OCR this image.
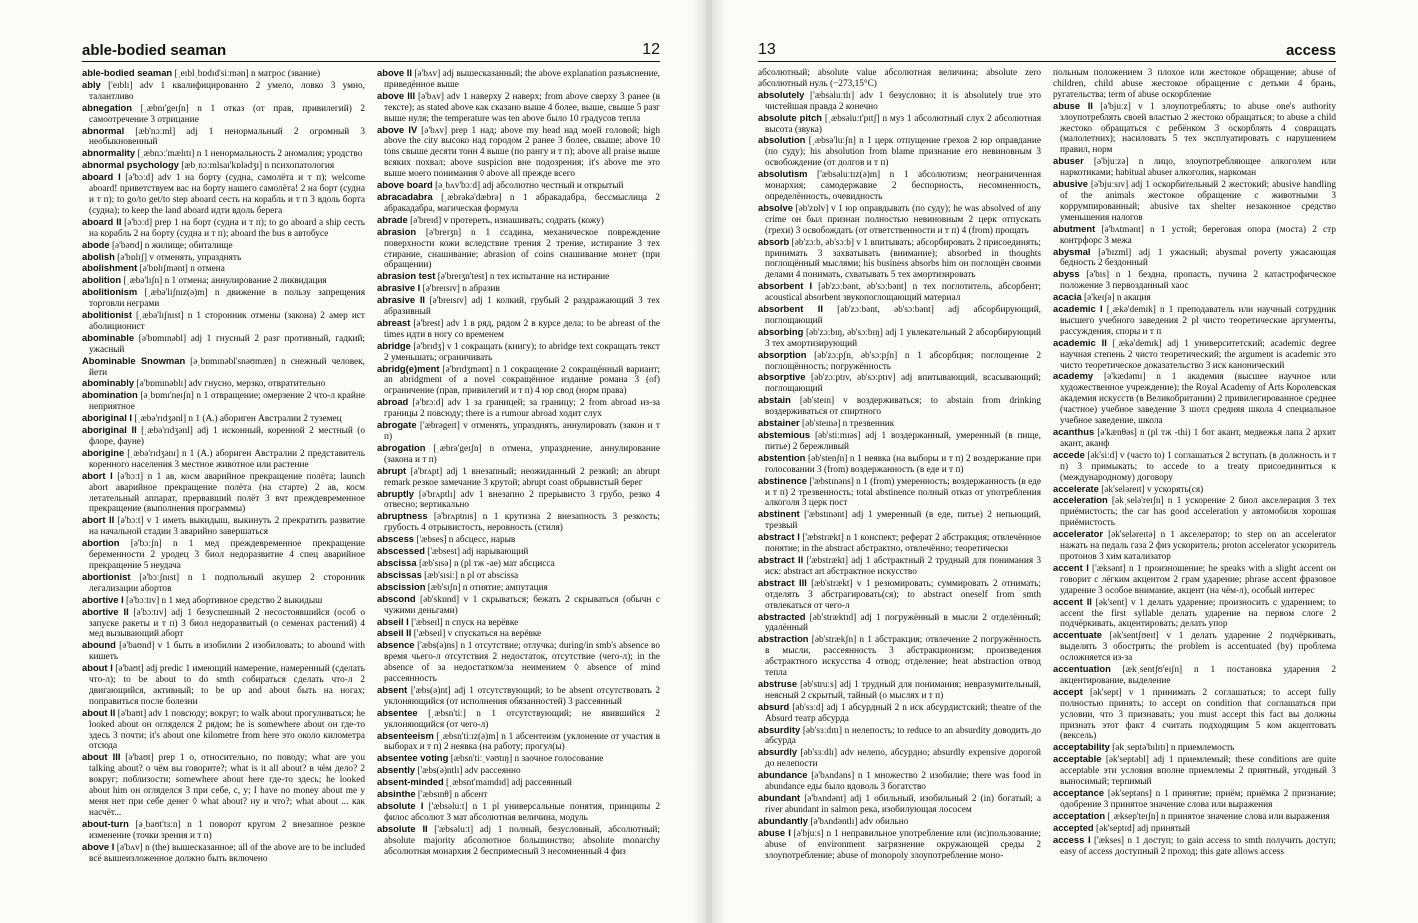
able-bodied seaman	12

able-bodied seaman [ˌeɪblˌbɒdɪd'siːmən] n матрос (звание)

ably ['eɪblɪ] adv 1 квалифицированно 2 умело, ловко 3 умно, талантливо

abnegation [ˌæbnɪ'geɪʃn] n 1 отказ (от прав, привилегий) 2 самоотречение 3 отрицание

abnormal [æb'nɔːml] adj 1 ненормальный 2 огромный 3 необыкновенный

abnormality [ˌæbnɔː'mælɪtɪ] n 1 ненормальность 2 аномалия; уродство

abnormal psychology [æbˌnɔːmlsaɪ'kɒlədʒɪ] n психопатология

aboard I [ə'bɔːd] adv 1 на борту (судна, самолёта и т п); welcome aboard! приветствуем вас на борту нашего самолёта! 2 на борт (судна и т п); to go/to get/to step aboard сесть на корабль и т п 3 вдоль борта (судна); to keep the land aboard идти вдоль берега

aboard II [ə'bɔːd] prep 1 на борт (судна и т п); to go aboard a ship сесть на корабль 2 на борту (судна и т п); aboard the bus в автобусе

abode [ə'bəʊd] n жилище; обиталище

abolish [ə'bɒlɪʃ] v отменять, упразднять

abolishment [ə'bɒlɪʃmənt] n отмена

abolition [ˌæbə'lɪʃn] n 1 отмена; аннулирование 2 ликвидация

abolitionism [ˌæbə'lɪʃnɪz(ə)m] n движение в пользу запрещения торговли неграми

abolitionist [ˌæbə'lɪʃnɪst] n 1 сторонник отмены (закона) 2 амер ист аболиционист

abominable [ə'bɒmɪnəbl] adj 1 гнусный 2 разг противный, гадкий; ужасный

Abominable Snowman [əˌbɒmɪnəbl'snəʊmæn] n снежный человек, йети

abominably [ə'bɒmɪnəblɪ] adv гнусно, мерзко, отвратительно

abomination [əˌbɒmɪ'neɪʃn] n 1 отвращение; омерзение 2 что-л крайне неприятное

aboriginal I [ˌæbə'rɪdʒənl] n 1 (A.) абориген Австралии 2 туземец

aboriginal II [ˌæbə'rɪdʒənl] adj 1 исконный, коренной 2 местный (о флоре, фауне)

aborigine [ˌæbə'rɪdʒənɪ] n 1 (A.) абориген Австралии 2 представитель коренного населения 3 местное животное или растение

abort I [ə'bɔːt] n 1 ав, косм аварийное прекращение полёта; launch abort аварийное прекращение полёта (на старте) 2 ав, косм летательный аппарат, прервавший полёт 3 вчт преждевременное прекращение (выполнения программы)

abort II [ə'bɔːt] v 1 иметь выкидыш, выкинуть 2 прекратить развитие на начальной стадии 3 аварийно завершаться

abortion [ə'bɔːʃn] n 1 мед преждевременное прекращение беременности 2 уродец 3 биол недоразвитие 4 спец аварийное прекращение 5 неудача

abortionist [ə'bɔːʃnɪst] n 1 подпольный акушер 2 сторонник легализации абортов

abortive I [ə'bɔːtɪv] n 1 мед абортивное средство 2 выкидыш

abortive II [ə'bɔːtɪv] adj 1 безуспешный 2 несостоявшийся (особ о запуске ракеты и т п) 3 биол недоразвитый (о семенах растений) 4 мед вызывающий аборт

abound [ə'baʊnd] v 1 быть в изобилии 2 изобиловать; to abound with кишеть

about I [ə'baʊt] adj predic 1 имеющий намерение, намеренный (сделать что-л); to be about to do smth собираться сделать что-л 2 двигающийся, активный; to be up and about быть на ногах; поправиться после болезни

about II [ə'baʊt] adv 1 повсюду; вокруг; to walk about прогуливаться; he looked about он огляделся 2 рядом; he is somewhere about он где-то здесь 3 почти; it's about one kilometre from here это около километра отсюда

about III [ə'baʊt] prep 1 о, относительно, по поводу; what are you talking about? о чём вы говорите?; what is it all about? в чём дело? 2 вокруг; поблизости; somewhere about here где-то здесь; he looked about him он огляделся 3 при себе, с, у; I have no money about me у меня нет при себе денег ◊ what about? ну и что?; what about ... как насчёт...

about-turn [əˌbaʊt'tɜːn] n 1 поворот кругом 2 внезапное резкое изменение (точки зрения и т п)

above I [ə'bʌv] n (the) вышесказанное; all of the above are to be included всё вышеизложенное должно быть включено

above II [ə'bʌv] adj вышесказанный; the above explanation разъяснение, приведённое выше

above III [ə'bʌv] adv 1 наверху 2 наверх; from above сверху 3 ранее (в тексте); as stated above как сказано выше 4 более, выше, свыше 5 разг выше нуля; the temperature was ten above было 10 градусов тепла

above IV [ə'bʌv] prep 1 над; above my head над моей головой; high above the city высоко над городом 2 ранее 3 более, свыше; above 10 tons свыше десяти тонн 4 выше (по рангу и т п); above all praise выше всяких похвал; above suspicion вне подозрения; it's above me это выше моего понимания ◊ above all прежде всего

above board [əˌbʌv'bɔːd] adj абсолютно честный и открытый

abracadabra [ˌæbrəkə'dæbrə] n 1 абракадабра, бессмыслица 2 абракадабра, магическая формула

abrade [ə'breɪd] v протереть, изнашивать; содрать (кожу)

abrasion [ə'breɪʒn] n 1 ссадина, механическое повреждение поверхности кожи вследствие трения 2 трение, истирание 3 тех стирание, снашивание; abrasion of coins снашивание монет (при обращении)

abrasion test [ə'breɪʒn'test] n тех испытание на истирание

abrasive I [ə'breɪsɪv] n абразив

abrasive II [ə'breɪsɪv] adj 1 колкий, грубый 2 раздражающий 3 тех абразивный

abreast [ə'brest] adv 1 в ряд, рядом 2 в курсе дела; to be abreast of the times идти в ногу со временем

abridge [ə'brɪdʒ] v 1 сокращать (книгу); to abridge text сокращать текст 2 уменьшать; ограничивать

abridg(e)ment [ə'brɪdʒmənt] n 1 сокращение 2 сокращённый вариант; an abridgment of a novel сокращённое издание романа 3 (of) ограничение (прав, привилегий и т п) 4 юр свод (норм права)

abroad [ə'brɔːd] adv 1 за границей; за границу; 2 from abroad из-за границы 2 повсюду; there is a rumour abroad ходит слух

abrogate ['æbrəgeɪt] v отменять, упразднять, аннулировать (закон и т п)

abrogation [ˌæbrə'geɪʃn] n отмена, упразднение, аннулирование (закона и т п)

abrupt [ə'brʌpt] adj 1 внезапный; неожиданный 2 резкий; an abrupt remark резкое замечание 3 крутой; abrupt coast обрывистый берег

abruptly [ə'brʌptlɪ] adv 1 внезапно 2 прерывисто 3 грубо, резко 4 отвесно; вертикально

abruptness [ə'brʌptnɪs] n 1 крутизна 2 внезапность 3 резкость; грубость 4 отрывистость, неровность (стиля)

abscess ['æbses] n абсцесс, нарыв

abscessed ['æbsest] adj нарывающий

abscissa [æb'sɪsə] n (pl тж -ae) мат абсцисса

abscissas [æb'sɪsiː] n pl от abscissa

abscission [æb'sɪʃn] n отнятие; ампутация

abscond [əb'skɒnd] v 1 скрываться; бежать 2 скрываться (обычн с чужими деньгами)

abseil I ['æbseɪl] n спуск на верёвке

abseil II ['æbseɪl] v спускаться на верёвке

absence ['æbs(ə)ns] n 1 отсутствие; отлучка; during/in smb's absence во время чьего-л отсутствия 2 недостаток, отсутствие (чего-л); in the absence of за недостатком/за неимением ◊ absence of mind рассеянность

absent ['æbs(ə)nt] adj 1 отсутствующий; to be absent отсутствовать 2 уклоняющийся (от исполнения обязанностей) 3 рассеянный

absentee [ˌæbsn'tiː] n 1 отсутствующий; не явившийся 2 уклоняющийся (от чего-л)

absenteeism [ˌæbsn'tiːɪz(ə)m] n 1 абсентеизм (уклонение от участия в выборах и т п) 2 неявка (на работу; прогул(ы)

absentee voting [æbsn'tiːˌvəʊtɪŋ] n заочное голосование

absently ['æbs(ə)ntlɪ] adv рассеянно

absent-minded [ˌæbsnt'maɪndɪd] adj рассеянный

absinthe ['æbsɪnθ] n абсент

absolute I ['æbsəluːt] n 1 pl универсальные понятия, принципы 2 филос абсолют 3 мат абсолютная величина, модуль

absolute II ['æbsəluːt] adj 1 полный, безусловный, абсолютный; absolute majority абсолютное большинство; absolute monarchy абсолютная монархия 2 беспримесный 3 несомненный 4 физ

13	access

абсолютный; absolute value абсолютная величина; absolute zero абсолютный нуль (−273,15°С)

absolutely ['æbsəluːtlɪ] adv 1 безусловно; it is absolutely true это чистейшая правда 2 конечно

absolute pitch [ˌæbsəluːt'pɪtʃ] n муз 1 абсолютный слух 2 абсолютная высота (звука)

absolution [ˌæbsə'luːʃn] n 1 церк отпущение грехов 2 юр оправдание (по суду); his absolution from blame признание его невиновным 3 освобождение (от долгов и т п)

absolutism ['æbsəluːtɪz(ə)m] n 1 абсолютизм; неограниченная монархия; самодержавие 2 беспорность, несомненность, определённость, очевидность

absolve [əb'zɒlv] v 1 юр оправдывать (по суду); he was absolved of any crime он был признан полностью невиновным 2 церк отпускать (грехи) 3 освобождать (от ответственности и т п) 4 (from) прощать

absorb [əb'zɔːb, əb'sɔːb] v 1 впитывать; абсорбировать 2 присоединять; принимать 3 захватывать (внимание); absorbed in thoughts поглощённый мыслями; his business absorbs him он поглощён своими делами 4 понимать, схватывать 5 тех амортизировать

absorbent I [əb'zɔːbənt, əb'sɔːbənt] n тех поглотитель, абсорбент; acoustical absorbent звукопоглощающий материал

absorbent II [əb'zɔːbənt, əb'sɔːbənt] adj абсорбирующий, поглощающий

absorbing [əb'zɔːbɪŋ, əb'sɔːbɪŋ] adj 1 увлекательный 2 абсорбирующий 3 тех амортизирующий

absorption [əb'zɔːpʃn, əb'sɔːpʃn] n 1 абсорбция; поглощение 2 поглощённость; погружённость

absorptive [əb'zɔːptɪv, əb'sɔːptɪv] adj впитывающий, всасывающий; поглощающий

abstain [əb'steɪn] v воздерживаться; to abstain from drinking воздерживаться от спиртного

abstainer [əb'steɪnə] n трезвенник

abstemious [əb'stiːmɪəs] adj 1 воздержанный, умеренный (в пище, питье) 2 бережливый

abstention [əb'stenʃn] n 1 неявка (на выборы и т п) 2 воздержание при голосовании 3 (from) воздержанность (в еде и т п)

abstinence ['æbstɪnəns] n 1 (from) умеренность; воздержанность (в еде и т п) 2 трезвенность; total abstinence полный отказ от употребления алкоголя 3 церк пост

abstinent ['æbstɪnənt] adj 1 умеренный (в еде, питье) 2 непьющий, трезвый

abstract I ['æbstrækt] n 1 конспект; реферат 2 абстракция; отвлечённое понятие; in the abstract абстрактно, отвлечённо; теоретически

abstract II ['æbstrækt] adj 1 абстрактный 2 трудный для понимания 3 иск: abstract art абстрактное искусство

abstract III [æb'strækt] v 1 резюмировать; суммировать 2 отнимать; отделять 3 абстрагировать(ся); to abstract oneself from smth отвлекаться от чего-л

abstracted [əb'stræktɪd] adj 1 погружённый в мысли 2 отделённый; удалённый

abstraction [əb'strækʃn] n 1 абстракция; отвлечение 2 погружённость в мысли, рассеянность 3 абстракционизм; произведения абстрактного искусства 4 отвод; отделение; heat abstraction отвод тепла

abstruse [əb'struːs] adj 1 трудный для понимания; невразумительный, неясный 2 скрытый, тайный (о мыслях и т п)

absurd [əb'sɜːd] adj 1 абсурдный 2 n иск абсурдистский; theatre of the Absurd театр абсурда

absurdity [əb'sɜːdɪtɪ] n нелепость; to reduce to an absurdity доводить до абсурда

absurdly [əb'sɜːdlɪ] adv нелепо, абсурдно; absurdly expensive дорогой до нелепости

abundance [ə'bʌndəns] n 1 множество 2 изобилие; there was food in abundance еды было вдоволь 3 богатство

abundant [ə'bʌndənt] adj 1 обильный, изобильный 2 (in) богатый; a river abundant in salmon река, изобилующая лососем

abundantly [ə'bʌndəntlɪ] adv обильно

abuse I [ə'bjuːs] n 1 неправильное употребление или (ис)пользование; abuse of environment загрязнение окружающей среды 2 злоупотребление; abuse of monopoly злоупотребление моно-

польным положением 3 плохое или жестокое обращение; abuse of children, child abuse жестокое обращение с детьми 4 брань, ругательства; term of abuse оскорбление

abuse II [ə'bjuːz] v 1 злоупотреблять; to abuse one's authority злоупотреблять своей властью 2 жестоко обращаться; to abuse a child жестоко обращаться с ребёнком 3 оскорблять 4 совращать (малолетних); насиловать 5 тех эксплуатировать с нарушением правил, норм

abuser [ə'bjuːzə] n лицо, злоупотребляющее алкоголем или наркотиками; habitual abuser алкоголик, наркоман

abusive [ə'bjuːsɪv] adj 1 оскорбительный 2 жестокий; abusive handling of the animals жестокое обращение с животными 3 коррумпированный; abusive tax shelter незаконное средство уменьшения налогов

abutment [ə'bʌtmənt] n 1 устой; береговая опора (моста) 2 стр контрфорс 3 межа

abysmal [ə'bɪzml] adj 1 ужасный; abysmal poverty ужасающая бедность 2 бездонный

abyss [ə'bɪs] n 1 бездна, пропасть, пучина 2 катастрофическое положение 3 первозданный хаос

acacia [ə'keɪʃə] n акация

academic I [ˌækə'demɪk] n 1 преподаватель или научный сотрудник высшего учебного заведения 2 pl чисто теоретические аргументы, рассуждения, споры и т п

academic II [ˌækə'demɪk] adj 1 университетский; academic degree научная степень 2 чисто теоретический; the argument is academic это чисто теоретическое доказательство 3 иск канонический

academy [ə'kædəmɪ] n 1 академия (высшее научное или художественное учреждение); the Royal Academy of Arts Королевская академия искусств (в Великобритании) 2 привилегированное среднее (частное) учебное заведение 3 шотл средняя школа 4 специальное учебное заведение, школа

acanthus [ə'kænθəs] n (pl тж -thi) 1 бот акант, медвежья лапа 2 архит акант, аканф

accede [ək'siːd] v (часто to) 1 соглашаться 2 вступать (в должность и т п) 3 примыкать; to accede to a treaty присоединиться к (международному) договору

accelerate [ək'seləreɪt] v ускорять(ся)

acceleration [əkˌselə'reɪʃn] n 1 ускорение 2 биол акселерация 3 тех приёмистость; the car has good acceleration у автомобиля хорошая приёмистость

accelerator [ək'seləreɪtə] n 1 акселератор; to step on an accelerator нажать на педаль газа 2 физ ускоритель; proton accelerator ускоритель протонов 3 хим катализатор

accent I ['æksənt] n 1 произношение; he speaks with a slight accent он говорит с лёгким акцентом 2 грам ударение; phrase accent фразовое ударение 3 особое внимание, акцент (на чём-л), особый интерес

accent II [ək'sent] v 1 делать ударение; произносить с ударением; to accent the first syllable делать ударение на первом слоге 2 подчёркивать, акцентировать; делать упор

accentuate [ək'sentʃʊeɪt] v 1 делать ударение 2 подчёркивать, выделять 3 обострять; the problem is accentuated (by) проблема осложняется из-за

accentuation [ækˌsentʃʊ'eɪʃn] n 1 постановка ударения 2 акцентирование, выделение

accept [ək'sept] v 1 принимать 2 соглашаться; to accept fully полностью принять; to accept on condition that соглашаться при условии, что 3 признавать; you must accept this fact вы должны признать этот факт 4 считать подходящим 5 ком акцептовать (вексель)

acceptability [əkˌseptə'bɪlɪtɪ] n приемлемость

acceptable [ək'septəbl] adj 1 приемлемый; these conditions are quite acceptable эти условия вполне приемлемы 2 приятный, угодный 3 выносимый; терпимый

acceptance [ək'septəns] n 1 принятие; приём; приёмка 2 признание; одобрение 3 принятое значение слова или выражения

acceptation [ˌæksep'teɪʃn] n принятое значение слова или выражения

accepted [ək'septɪd] adj принятый

access I ['ækses] n 1 доступ; to gain access to smth получить доступ; easy of access доступный 2 проход; this gate allows access
